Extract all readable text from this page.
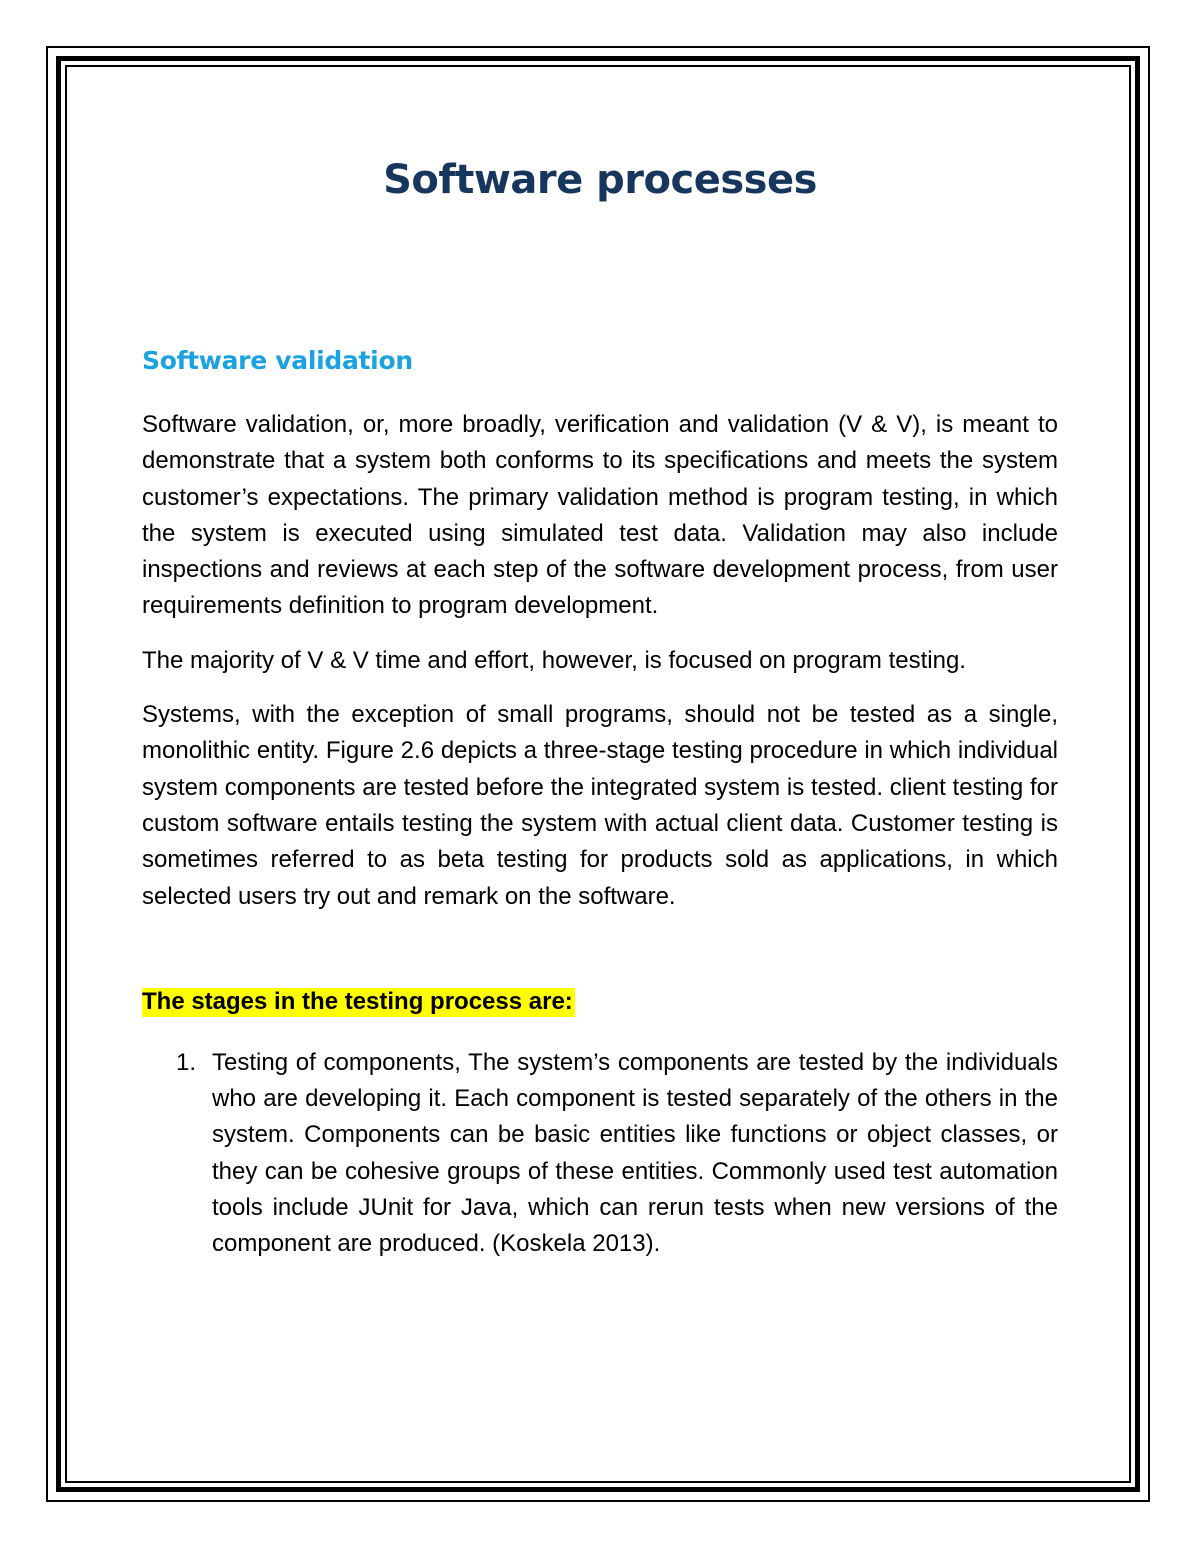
Software processes
Software validation

Software validation, or, more broadly, verification and validation (V & V), is meant to demonstrate that a system both conforms to its specifications and meets the system customer’s expectations. The primary validation method is program testing, in which the system is executed using simulated test data. Validation may also include inspections and reviews at each step of the software development process, from user requirements definition to program development.

The majority of V & V time and effort, however, is focused on program testing.

Systems, with the exception of small programs, should not be tested as a single, monolithic entity. Figure 2.6 depicts a three-stage testing procedure in which individual system components are tested before the integrated system is tested. client testing for custom software entails testing the system with actual client data. Customer testing is sometimes referred to as beta testing for products sold as applications, in which selected users try out and remark on the software.

The stages in the testing process are:
1. Testing of components, The system’s components are tested by the individuals who are developing it. Each component is tested separately of the others in the system. Components can be basic entities like functions or object classes, or they can be cohesive groups of these entities. Commonly used test automation tools include JUnit for Java, which can rerun tests when new versions of the component are produced. (Koskela 2013).
